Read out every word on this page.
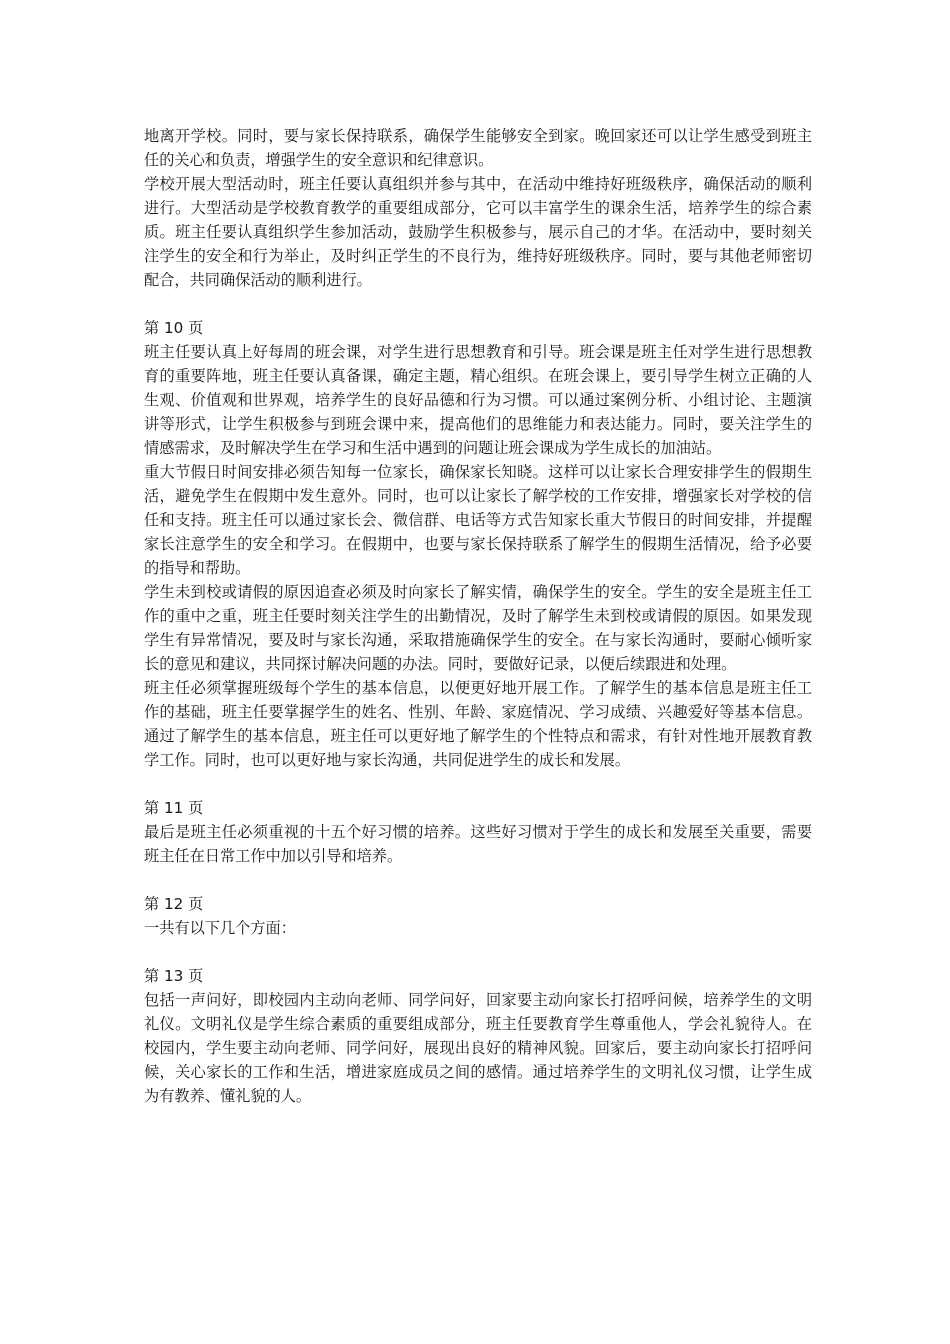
地离开学校。同时，要与家长保持联系，确保学生能够安全到家。晚回家还可以让学生感受到班主任的关心和负责，增强学生的安全意识和纪律意识。

学校开展大型活动时，班主任要认真组织并参与其中，在活动中维持好班级秩序，确保活动的顺利进行。大型活动是学校教育教学的重要组成部分，它可以丰富学生的课余生活，培养学生的综合素质。班主任要认真组织学生参加活动，鼓励学生积极参与，展示自己的才华。在活动中，要时刻关注学生的安全和行为举止，及时纠正学生的不良行为，维持好班级秩序。同时，要与其他老师密切配合，共同确保活动的顺利进行。

第 10 页

班主任要认真上好每周的班会课，对学生进行思想教育和引导。班会课是班主任对学生进行思想教育的重要阵地，班主任要认真备课，确定主题，精心组织。在班会课上，要引导学生树立正确的人生观、价值观和世界观，培养学生的良好品德和行为习惯。可以通过案例分析、小组讨论、主题演讲等形式，让学生积极参与到班会课中来，提高他们的思维能力和表达能力。同时，要关注学生的情感需求，及时解决学生在学习和生活中遇到的问题让班会课成为学生成长的加油站。

重大节假日时间安排必须告知每一位家长，确保家长知晓。这样可以让家长合理安排学生的假期生活，避免学生在假期中发生意外。同时，也可以让家长了解学校的工作安排，增强家长对学校的信任和支持。班主任可以通过家长会、微信群、电话等方式告知家长重大节假日的时间安排，并提醒家长注意学生的安全和学习。在假期中，也要与家长保持联系了解学生的假期生活情况，给予必要的指导和帮助。

学生未到校或请假的原因追查必须及时向家长了解实情，确保学生的安全。学生的安全是班主任工作的重中之重，班主任要时刻关注学生的出勤情况，及时了解学生未到校或请假的原因。如果发现学生有异常情况，要及时与家长沟通，采取措施确保学生的安全。在与家长沟通时，要耐心倾听家长的意见和建议，共同探讨解决问题的办法。同时，要做好记录，以便后续跟进和处理。

班主任必须掌握班级每个学生的基本信息，以便更好地开展工作。了解学生的基本信息是班主任工作的基础，班主任要掌握学生的姓名、性别、年龄、家庭情况、学习成绩、兴趣爱好等基本信息。通过了解学生的基本信息，班主任可以更好地了解学生的个性特点和需求，有针对性地开展教育教学工作。同时，也可以更好地与家长沟通，共同促进学生的成长和发展。

第 11 页

最后是班主任必须重视的十五个好习惯的培养。这些好习惯对于学生的成长和发展至关重要，需要班主任在日常工作中加以引导和培养。

第 12 页

一共有以下几个方面：

第 13 页

包括一声问好，即校园内主动向老师、同学问好，回家要主动向家长打招呼问候，培养学生的文明礼仪。文明礼仪是学生综合素质的重要组成部分，班主任要教育学生尊重他人，学会礼貌待人。在校园内，学生要主动向老师、同学问好，展现出良好的精神风貌。回家后，要主动向家长打招呼问候，关心家长的工作和生活，增进家庭成员之间的感情。通过培养学生的文明礼仪习惯，让学生成为有教养、懂礼貌的人。
